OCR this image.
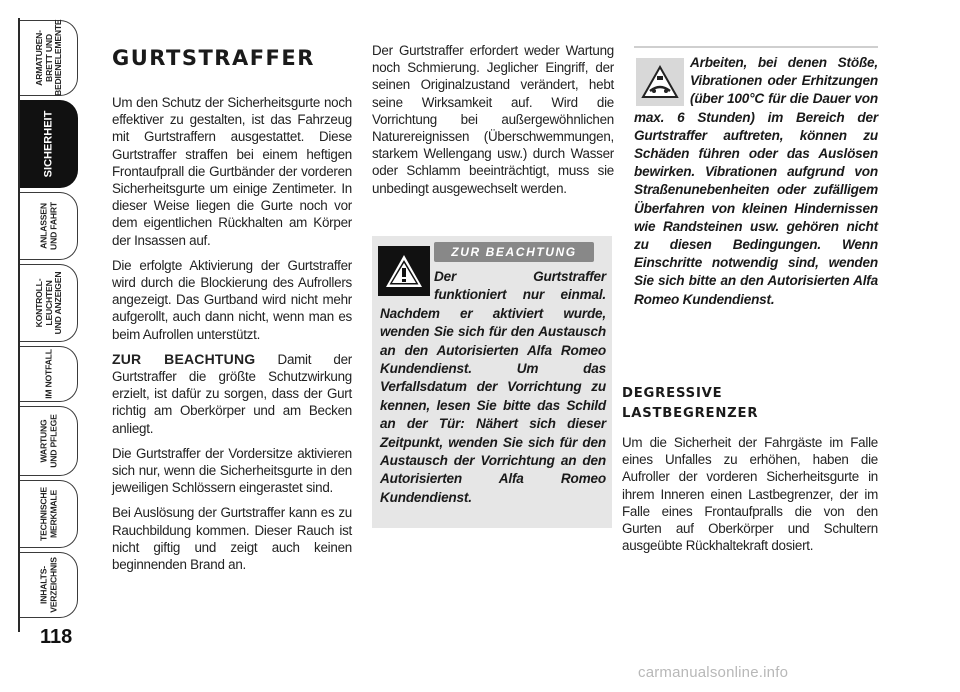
ARMATUREN-
BRETT UND
BEDIENELEMENTE
SICHERHEIT
ANLASSEN
UND FAHRT
KONTROLL-
LEUCHTEN
UND ANZEIGEN
IM NOTFALL
WARTUNG
UND PFLEGE
TECHNISCHE
MERKMALE
INHALTS-
VERZEICHNIS
118
GURTSTRAFFER

Um den Schutz der Sicherheitsgurte noch effektiver zu gestalten, ist das Fahrzeug mit Gurtstraffern ausgestattet. Diese Gurtstraffer straffen bei einem heftigen Frontaufprall die Gurtbänder der vorderen Sicherheitsgurte um einige Zentimeter. In dieser Weise liegen die Gurte noch vor dem eigentlichen Rückhalten am Körper der Insassen auf.

Die erfolgte Aktivierung der Gurtstraffer wird durch die Blockierung des Aufrollers angezeigt. Das Gurtband wird nicht mehr aufgerollt, auch dann nicht, wenn man es beim Aufrollen unterstützt.

ZUR BEACHTUNG Damit der Gurtstraffer die größte Schutzwirkung erzielt, ist dafür zu sorgen, dass der Gurt richtig am Oberkörper und am Becken anliegt.

Die Gurtstraffer der Vordersitze aktivieren sich nur, wenn die Sicherheitsgurte in den jeweiligen Schlössern eingerastet sind.

Bei Auslösung der Gurtstraffer kann es zu Rauchbildung kommen. Dieser Rauch ist nicht giftig und zeigt auch keinen beginnenden Brand an.

Der Gurtstraffer erfordert weder Wartung noch Schmierung. Jeglicher Eingriff, der seinen Originalzustand verändert, hebt seine Wirksamkeit auf. Wird die Vorrichtung bei außergewöhnlichen Naturereignissen (Überschwemmungen, starkem Wellengang usw.) durch Wasser oder Schlamm beeinträchtigt, muss sie unbedingt ausgewechselt werden.

ZUR BEACHTUNG
Der Gurtstraffer funktioniert nur einmal. Nachdem er aktiviert wurde, wenden Sie sich für den Austausch an den Autorisierten Alfa Romeo Kundendienst. Um das Verfallsdatum der Vorrichtung zu kennen, lesen Sie bitte das Schild an der Tür: Nähert sich dieser Zeitpunkt, wenden Sie sich für den Austausch der Vorrichtung an den Autorisierten Alfa Romeo Kundendienst.
Arbeiten, bei denen Stöße, Vibrationen oder Erhitzungen (über 100°C für die Dauer von max. 6 Stunden) im Bereich der Gurtstraffer auftreten, können zu Schäden führen oder das Auslösen bewirken. Vibrationen aufgrund von Straßenunebenheiten oder zufälligem Überfahren von kleinen Hindernissen wie Randsteinen usw. gehören nicht zu diesen Bedingungen. Wenn Einschritte notwendig sind, wenden Sie sich bitte an den Autorisierten Alfa Romeo Kundendienst.
DEGRESSIVE
LASTBEGRENZER

Um die Sicherheit der Fahrgäste im Falle eines Unfalles zu erhöhen, haben die Aufroller der vorderen Sicherheitsgurte in ihrem Inneren einen Lastbegrenzer, der im Falle eines Frontaufpralls die von den Gurten auf Oberkörper und Schultern ausgeübte Rückhaltekraft dosiert.

carmanualsonline.info
